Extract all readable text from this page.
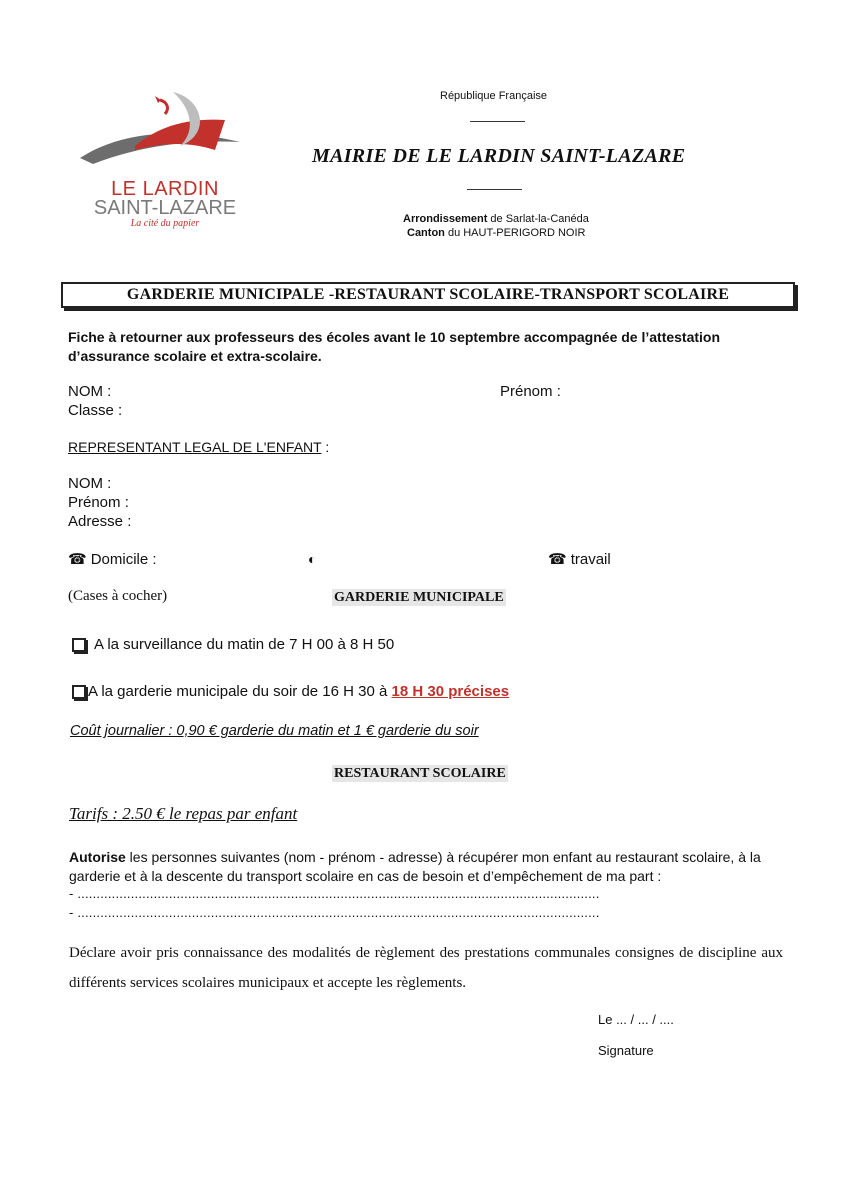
LE LARDIN
SAINT-LAZARE
La cité du papier
République Française
MAIRIE DE LE LARDIN SAINT-LAZARE
Arrondissement de Sarlat-la-Canéda
Canton du HAUT-PERIGORD NOIR
GARDERIE MUNICIPALE -RESTAURANT SCOLAIRE-TRANSPORT SCOLAIRE
Fiche à retourner aux professeurs des écoles avant le 10 septembre accompagnée de l’attestation d’assurance scolaire et extra-scolaire.
NOM :	Prénom :
Classe :
REPRESENTANT LEGAL DE L'ENFANT :
NOM :
Prénom :
Adresse :
☎ Domicile :	◐	☎ travail
(Cases à cocher)	GARDERIE MUNICIPALE
A la surveillance du matin de 7 H 00 à 8 H 50
A la garderie municipale du soir de 16 H 30 à 18 H 30 précises
Coût journalier : 0,90 € garderie du matin et 1 € garderie du soir
RESTAURANT SCOLAIRE
Tarifs : 2.50 € le repas par enfant
Autorise les personnes suivantes (nom - prénom - adresse) à récupérer mon enfant au restaurant scolaire, à la garderie et à la descente du transport scolaire en cas de besoin et d’empêchement de ma part :
- .........................................................................................................................................
- .........................................................................................................................................
Déclare avoir pris connaissance des modalités de règlement des prestations communales consignes de discipline aux différents services scolaires municipaux et accepte les règlements.
Le ... / ... / ....
Signature
